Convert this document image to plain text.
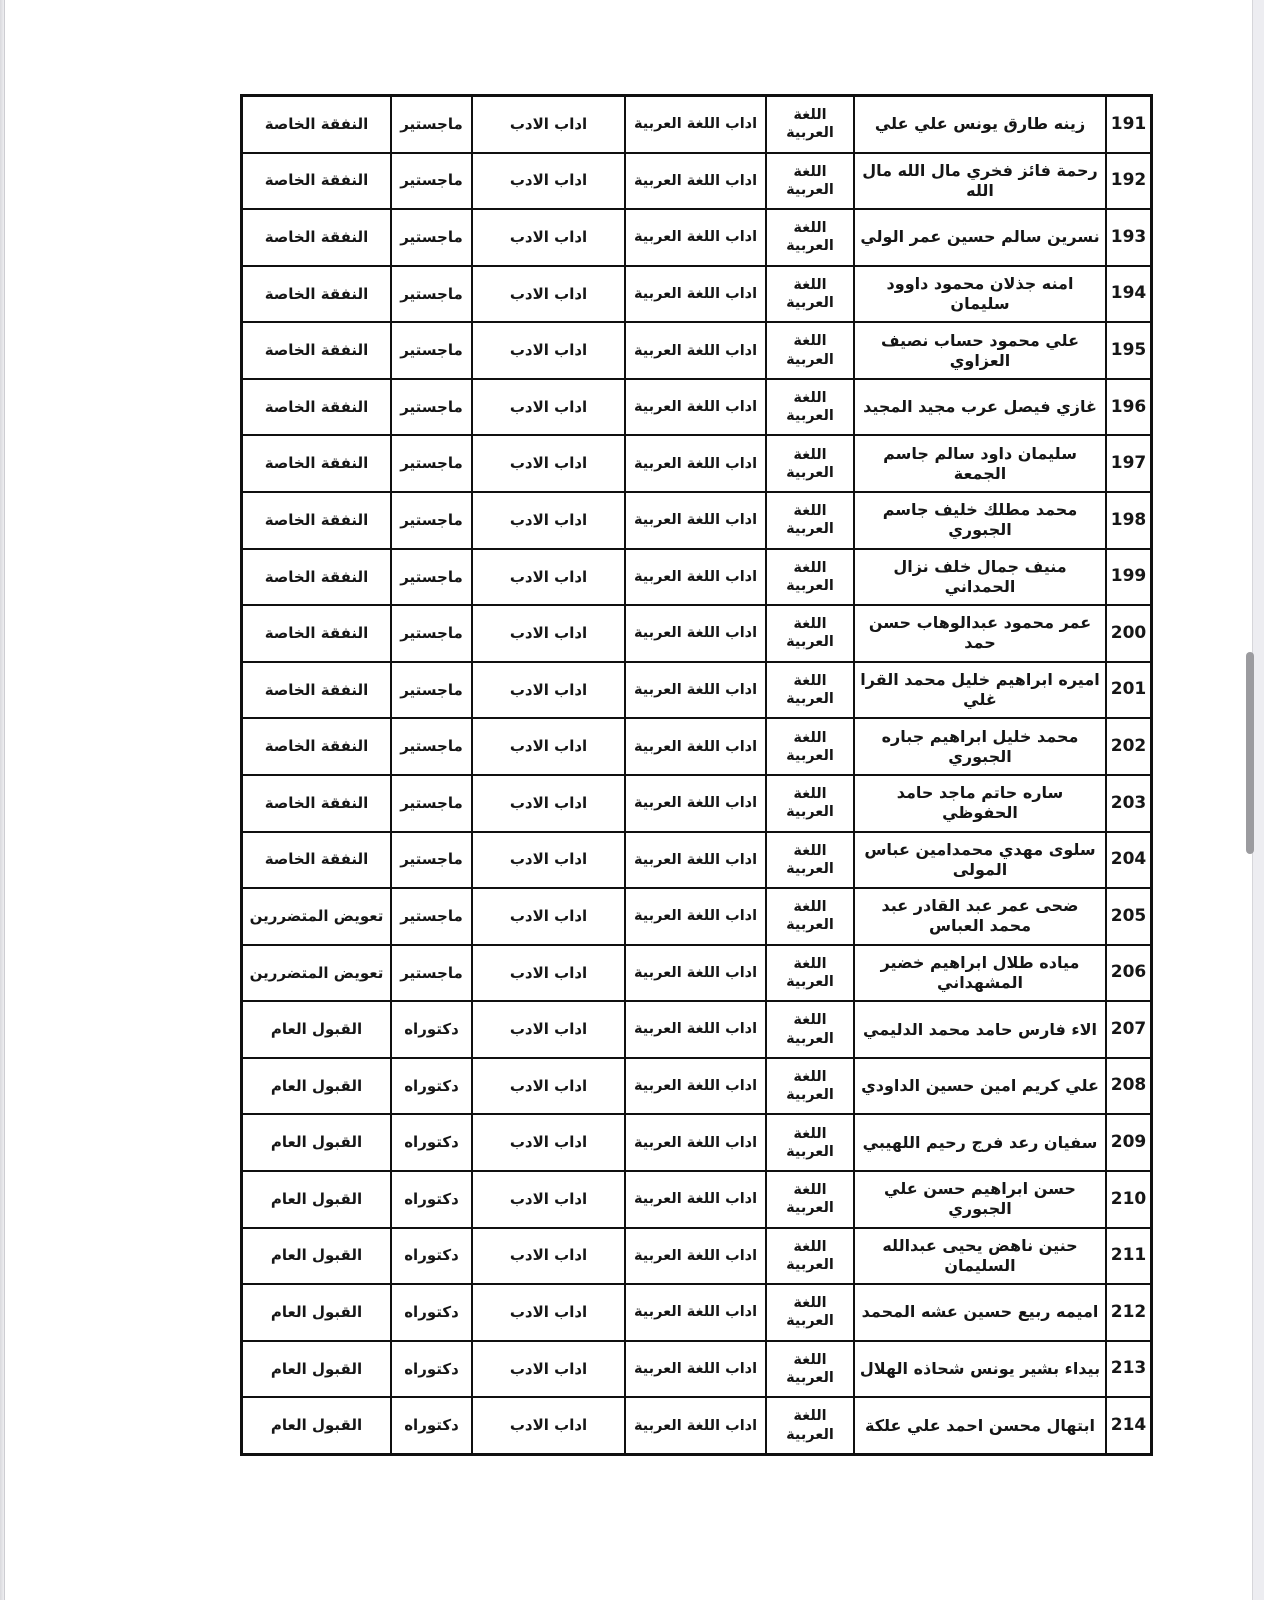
191
زينه طارق يونس علي علي
اللغة العربية
اداب اللغة العربية
اداب الادب
ماجستير
النفقة الخاصة
192
رحمة فائز فخري مال الله مال الله
اللغة العربية
اداب اللغة العربية
اداب الادب
ماجستير
النفقة الخاصة
193
نسرين سالم حسين عمر الولي
اللغة العربية
اداب اللغة العربية
اداب الادب
ماجستير
النفقة الخاصة
194
امنه جذلان محمود داوود سليمان
اللغة العربية
اداب اللغة العربية
اداب الادب
ماجستير
النفقة الخاصة
195
علي محمود حساب نصيف العزاوي
اللغة العربية
اداب اللغة العربية
اداب الادب
ماجستير
النفقة الخاصة
196
غازي فيصل عرب مجيد المجيد
اللغة العربية
اداب اللغة العربية
اداب الادب
ماجستير
النفقة الخاصة
197
سليمان داود سالم جاسم الجمعة
اللغة العربية
اداب اللغة العربية
اداب الادب
ماجستير
النفقة الخاصة
198
محمد مطلك خليف جاسم الجبوري
اللغة العربية
اداب اللغة العربية
اداب الادب
ماجستير
النفقة الخاصة
199
منيف جمال خلف نزال الحمداني
اللغة العربية
اداب اللغة العربية
اداب الادب
ماجستير
النفقة الخاصة
200
عمر محمود عبدالوهاب حسن حمد
اللغة العربية
اداب اللغة العربية
اداب الادب
ماجستير
النفقة الخاصة
201
اميره ابراهيم خليل محمد القرا غلي
اللغة العربية
اداب اللغة العربية
اداب الادب
ماجستير
النفقة الخاصة
202
محمد خليل ابراهيم جباره الجبوري
اللغة العربية
اداب اللغة العربية
اداب الادب
ماجستير
النفقة الخاصة
203
ساره حاتم ماجد حامد الحفوظي
اللغة العربية
اداب اللغة العربية
اداب الادب
ماجستير
النفقة الخاصة
204
سلوى مهدي محمدامين عباس المولى
اللغة العربية
اداب اللغة العربية
اداب الادب
ماجستير
النفقة الخاصة
205
ضحى عمر عبد القادر عبد محمد العباس
اللغة العربية
اداب اللغة العربية
اداب الادب
ماجستير
تعويض المتضررين
206
مياده طلال ابراهيم خضير المشهداني
اللغة العربية
اداب اللغة العربية
اداب الادب
ماجستير
تعويض المتضررين
207
الاء فارس حامد محمد الدليمي
اللغة العربية
اداب اللغة العربية
اداب الادب
دكتوراه
القبول العام
208
علي كريم امين حسين الداودي
اللغة العربية
اداب اللغة العربية
اداب الادب
دكتوراه
القبول العام
209
سفيان رعد فرج رحيم اللهيبي
اللغة العربية
اداب اللغة العربية
اداب الادب
دكتوراه
القبول العام
210
حسن ابراهيم حسن علي الجبوري
اللغة العربية
اداب اللغة العربية
اداب الادب
دكتوراه
القبول العام
211
حنين ناهض يحيى عبدالله السليمان
اللغة العربية
اداب اللغة العربية
اداب الادب
دكتوراه
القبول العام
212
اميمه ربيع حسين عشه المحمد
اللغة العربية
اداب اللغة العربية
اداب الادب
دكتوراه
القبول العام
213
بيداء بشير يونس شحاذه الهلال
اللغة العربية
اداب اللغة العربية
اداب الادب
دكتوراه
القبول العام
214
ابتهال محسن احمد علي علكة
اللغة العربية
اداب اللغة العربية
اداب الادب
دكتوراه
القبول العام
